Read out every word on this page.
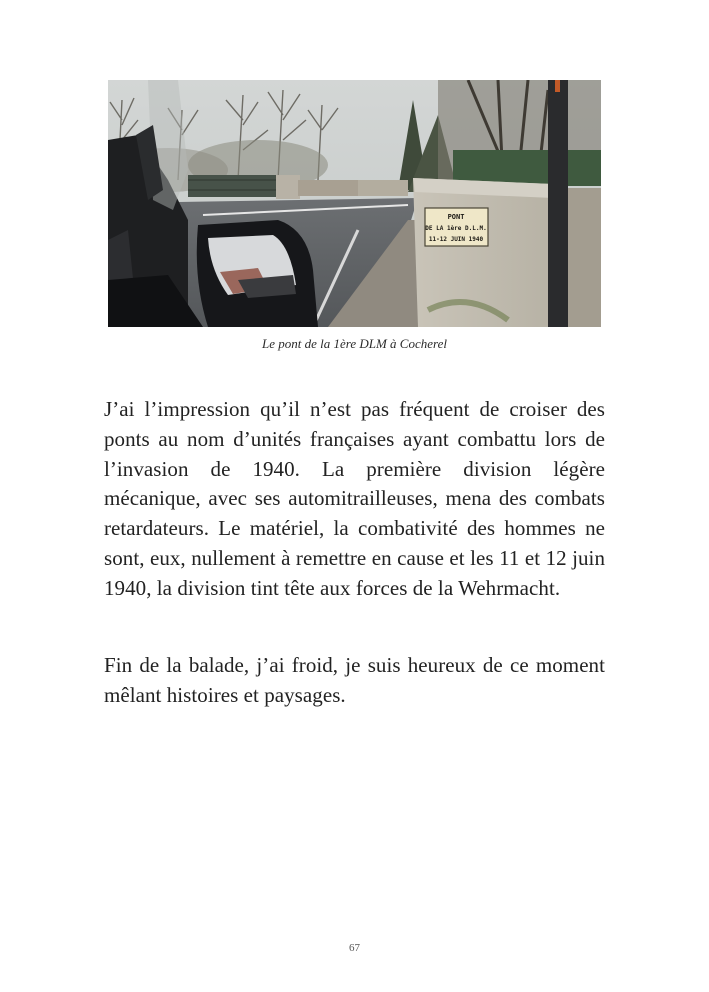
PONT
DE LA 1ère D.L.M.
11-12 JUIN 1940
Le pont de la 1ère DLM à Cocherel

J’ai l’impression qu’il n’est pas fréquent de croiser des ponts au nom d’unités françaises ayant combattu lors de l’invasion de 1940. La première division légère mécanique, avec ses automitrailleuses, mena des combats retardateurs. Le matériel, la combativité des hommes ne sont, eux, nullement à remettre en cause et les 11 et 12 juin 1940, la division tint tête aux forces de la Wehrmacht.

Fin de la balade, j’ai froid, je suis heureux de ce moment mêlant histoires et paysages.

67
